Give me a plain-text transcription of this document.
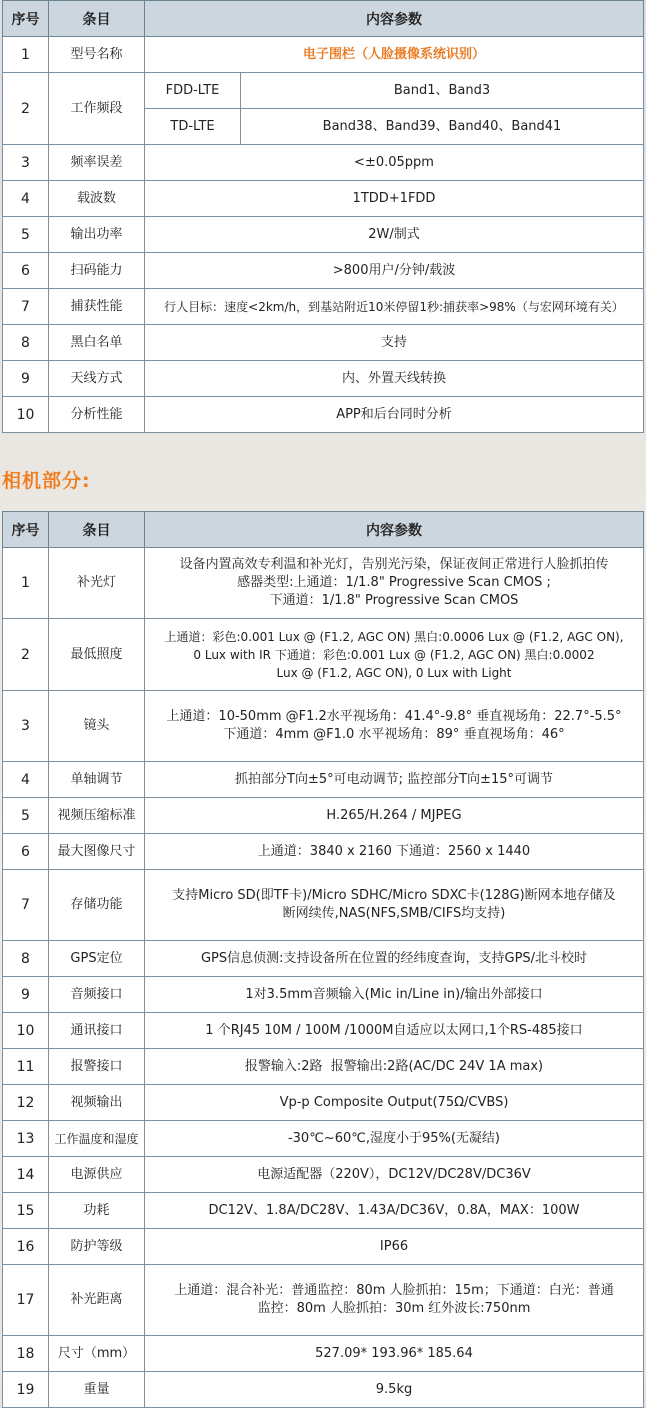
序号	条目	内容参数	
1	型号名称	电子围栏（人脸摄像系统识别）	
2	工作频段	FDD-LTE	Band1、Band3
		TD-LTE	Band38、Band39、Band40、Band41
3	频率误差	<±0.05ppm	
4	载波数	1TDD+1FDD	
5	输出功率	2W/制式	
6	扫码能力	>800用户/分钟/载波	
7	捕获性能	行人目标：速度<2km/h，到基站附近10米停留1秒:捕获率>98%（与宏网环境有关）	
8	黑白名单	支持	
9	天线方式	内、外置天线转换	
10	分析性能	APP和后台同时分析	
相机部分:
序号	条目	内容参数
1	补光灯	设备内置高效专利温和补光灯，告别光污染，保证夜间正常进行人脸抓拍传
感器类型:上通道：1/1.8" Progressive Scan CMOS ;
下通道：1/1.8" Progressive Scan CMOS

2	最低照度	上通道：彩色:0.001 Lux @ (F1.2, AGC ON) 黑白:0.0006 Lux @ (F1.2, AGC ON),
0 Lux with IR 下通道：彩色:0.001 Lux @ (F1.2, AGC ON) 黑白:0.0002
Lux @ (F1.2, AGC ON), 0 Lux with Light

3	镜头	上通道：10-50mm @F1.2水平视场角：41.4°-9.8° 垂直视场角：22.7°-5.5°
下通道：4mm @F1.0 水平视场角：89° 垂直视场角：46°

4	单轴调节	抓拍部分T向±5°可电动调节; 监控部分T向±15°可调节
5	视频压缩标准	H.265/H.264 / MJPEG
6	最大图像尺寸	上通道：3840 x 2160 下通道：2560 x 1440
7	存储功能	支持Micro SD(即TF卡)/Micro SDHC/Micro SDXC卡(128G)断网本地存储及
断网续传,NAS(NFS,SMB/CIFS均支持)

8	GPS定位	GPS信息侦测:支持设备所在位置的经纬度查询，支持GPS/北斗校时
9	音频接口	1对3.5mm音频输入(Mic in/Line in)/输出外部接口
10	通讯接口	1 个RJ45 10M / 100M /1000M自适应以太网口,1个RS-485接口
11	报警接口	报警输入:2路  报警输出:2路(AC/DC 24V 1A max)
12	视频输出	Vp-p Composite Output(75Ω/CVBS)
13	工作温度和湿度	-30℃~60℃,湿度小于95%(无凝结)
14	电源供应	电源适配器（220V），DC12V/DC28V/DC36V
15	功耗	DC12V、1.8A/DC28V、1.43A/DC36V，0.8A，MAX：100W
16	防护等级	IP66
17	补光距离	上通道：混合补光：普通监控：80m 人脸抓拍：15m；下通道：白光：普通
监控：80m 人脸抓拍：30m 红外波长:750nm

18	尺寸（mm）	527.09* 193.96* 185.64
19	重量	9.5kg
